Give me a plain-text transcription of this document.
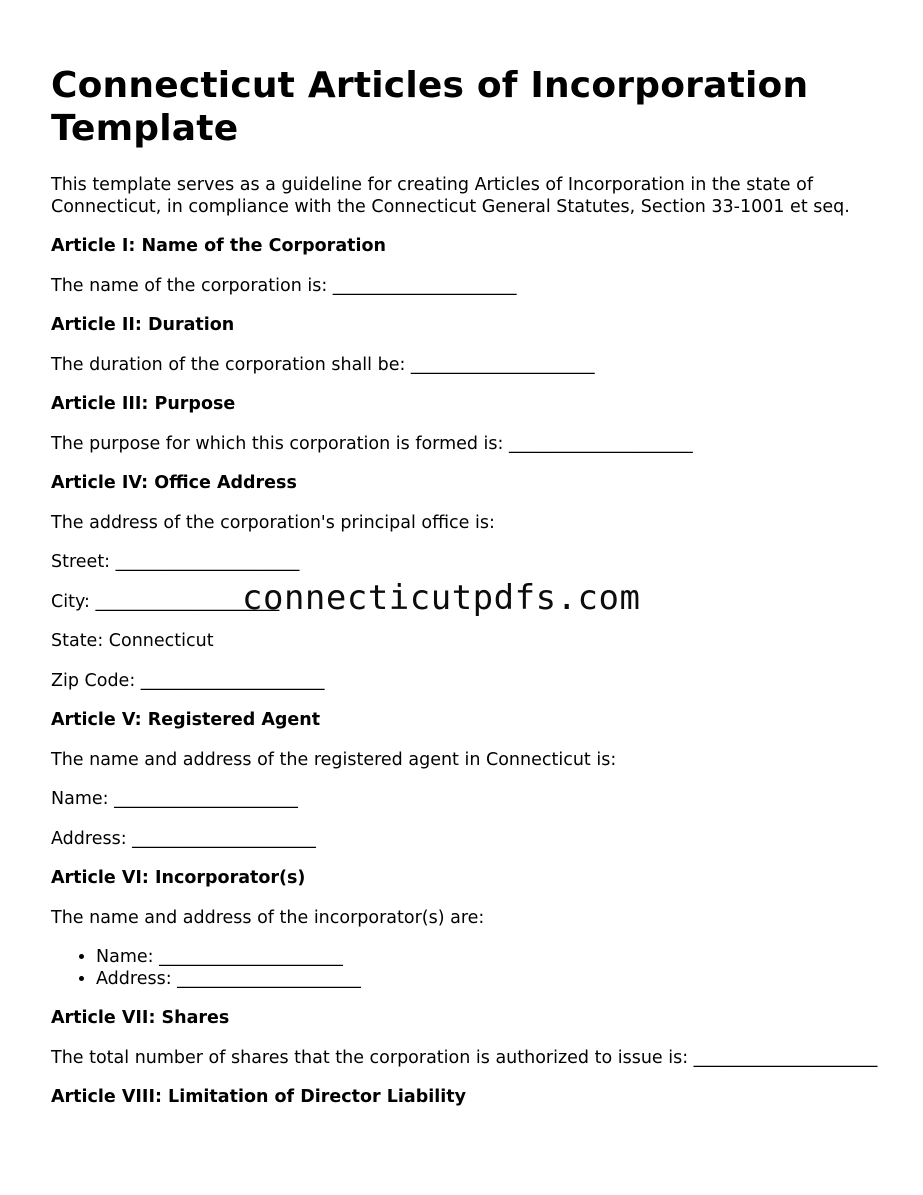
Connecticut Articles of Incorporation Template

This template serves as a guideline for creating Articles of Incorporation in the state of Connecticut, in compliance with the Connecticut General Statutes, Section 33-1001 et seq.

Article I: Name of the Corporation

The name of the corporation is: _____________________

Article II: Duration

The duration of the corporation shall be: _____________________

Article III: Purpose

The purpose for which this corporation is formed is: _____________________

Article IV: Office Address

The address of the corporation's principal office is:

Street: _____________________

City: _____________________

State: Connecticut

Zip Code: _____________________

Article V: Registered Agent

The name and address of the registered agent in Connecticut is:

Name: _____________________

Address: _____________________

Article VI: Incorporator(s)

The name and address of the incorporator(s) are:

• Name: _____________________
• Address: _____________________
Article VII: Shares

The total number of shares that the corporation is authorized to issue is: _____________________

Article VIII: Limitation of Director Liability
connecticutpdfs.com
